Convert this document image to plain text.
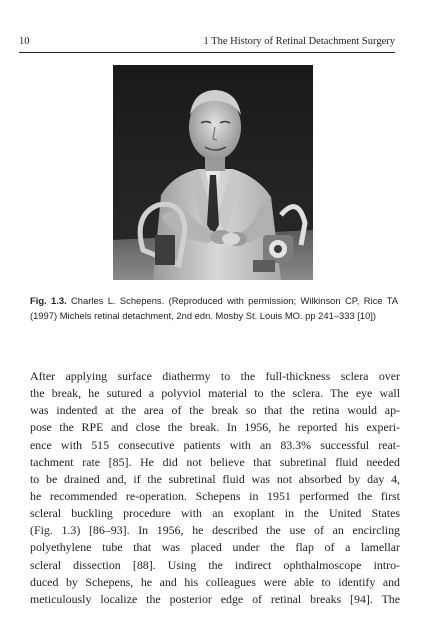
10	1 The History of Retinal Detachment Surgery
Fig. 1.3. Charles L. Schepens. (Reproduced with permission; Wilkinson CP, Rice TA (1997) Michels retinal detachment, 2nd edn. Mosby St. Louis MO. pp 241–333 [10])
After applying surface diathermy to the full-thickness sclera over
the break, he sutured a polyviol material to the sclera. The eye wall
was indented at the area of the break so that the retina would ap-
pose the RPE and close the break. In 1956, he reported his experi-
ence with 515 consecutive patients with an 83.3% successful reat-
tachment rate [85]. He did not believe that subretinal fluid needed
to be drained and, if the subretinal fluid was not absorbed by day 4,
he recommended re-operation. Schepens in 1951 performed the first
scleral buckling procedure with an exoplant in the United States
(Fig. 1.3) [86–93]. In 1956, he described the use of an encircling
polyethylene tube that was placed under the flap of a lamellar
scleral dissection [88]. Using the indirect ophthalmoscope intro-
duced by Schepens, he and his colleagues were able to identify and
meticulously localize the posterior edge of retinal breaks [94]. The
